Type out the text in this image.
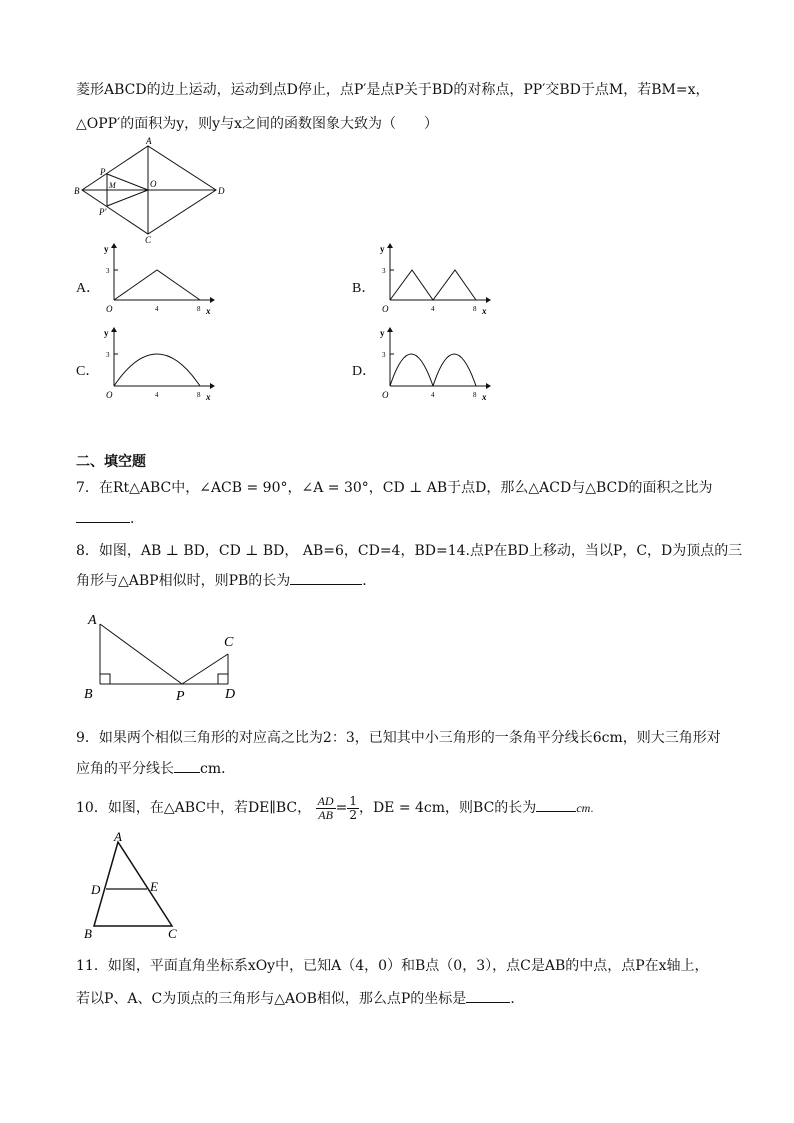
菱形ABCD的边上运动，运动到点D停止，点P′是点P关于BD的对称点，PP′交BD于点M，若BM=x，
△OPP′的面积为y，则y与x之间的函数图象大致为（　　）
A
B
C
D
O
P
M
P′
A．
y
x
O
3
4	8
B．
y
x
O
3
4	8
C．
y
x
O
3
4	8
D．
y
x
O
3
4	8
二、填空题
7．在Rt△ABC中，∠ACB = 90°，∠A = 30°，CD ⊥ AB于点D，那么△ACD与△BCD的面积之比为
．
8．如图，AB ⊥ BD，CD ⊥ BD， AB=6，CD=4，BD=14.点P在BD上移动，当以P，C，D为顶点的三
角形与△ABP相似时，则PB的长为	．
A
B
C
D
P
9．如果两个相似三角形的对应高之比为2：3，已知其中小三角形的一条角平分线长6cm，则大三角形对
应角的平分线长 cm．
10．如图，在△ABC中，若DE∥BC， $\frac{AD}{AB} = \frac{1}{2}$ ，DE = 4cm，则BC的长为	cm.
A
B	C
D	E
11．如图，平面直角坐标系xOy中，已知A（4，0）和B点（0，3），点C是AB的中点，点P在x轴上，
若以P、A、C为顶点的三角形与△AOB相似，那么点P的坐标是	．
